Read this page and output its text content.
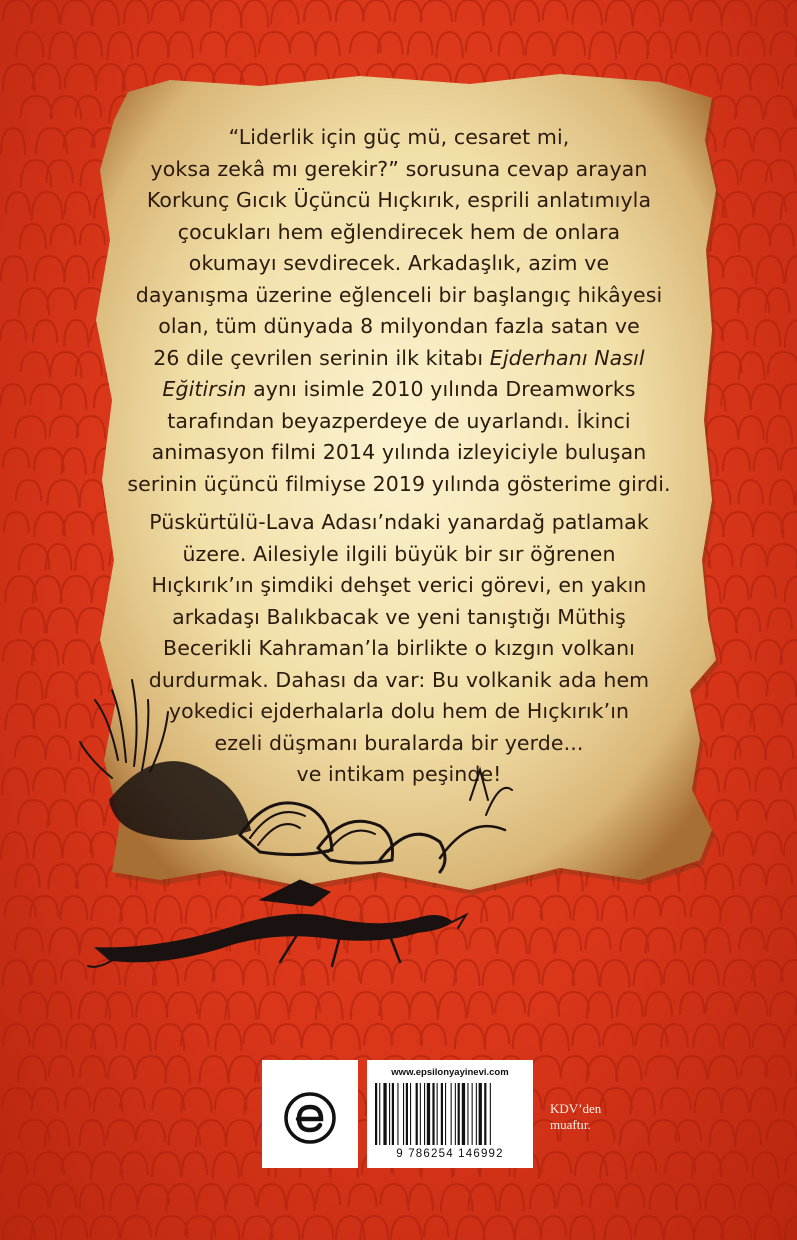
“Liderlik için güç mü, cesaret mi,
yoksa zekâ mı gerekir?” sorusuna cevap arayan
Korkunç Gıcık Üçüncü Hıçkırık, esprili anlatımıyla
çocukları hem eğlendirecek hem de onlara
okumayı sevdirecek. Arkadaşlık, azim ve
dayanışma üzerine eğlenceli bir başlangıç hikâyesi
olan, tüm dünyada 8 milyondan fazla satan ve
26 dile çevrilen serinin ilk kitabı Ejderhanı Nasıl
Eğitirsin aynı isimle 2010 yılında Dreamworks
tarafından beyazperdeye de uyarlandı. İkinci
animasyon filmi 2014 yılında izleyiciyle buluşan
serinin üçüncü filmiyse 2019 yılında gösterime girdi.
Püskürtülü-Lava Adası’ndaki yanardağ patlamak
üzere. Ailesiyle ilgili büyük bir sır öğrenen
Hıçkırık’ın şimdiki dehşet verici görevi, en yakın
arkadaşı Balıkbacak ve yeni tanıştığı Müthiş
Becerikli Kahraman’la birlikte o kızgın volkanı
durdurmak. Dahası da var: Bu volkanik ada hem
yokedici ejderhalarla dolu hem de Hıçkırık’ın
ezeli düşmanı buralarda bir yerde...
ve intikam peşinde!
www.epsilonyayinevi.com
9 786254 146992
KDV’den
muaftır.
